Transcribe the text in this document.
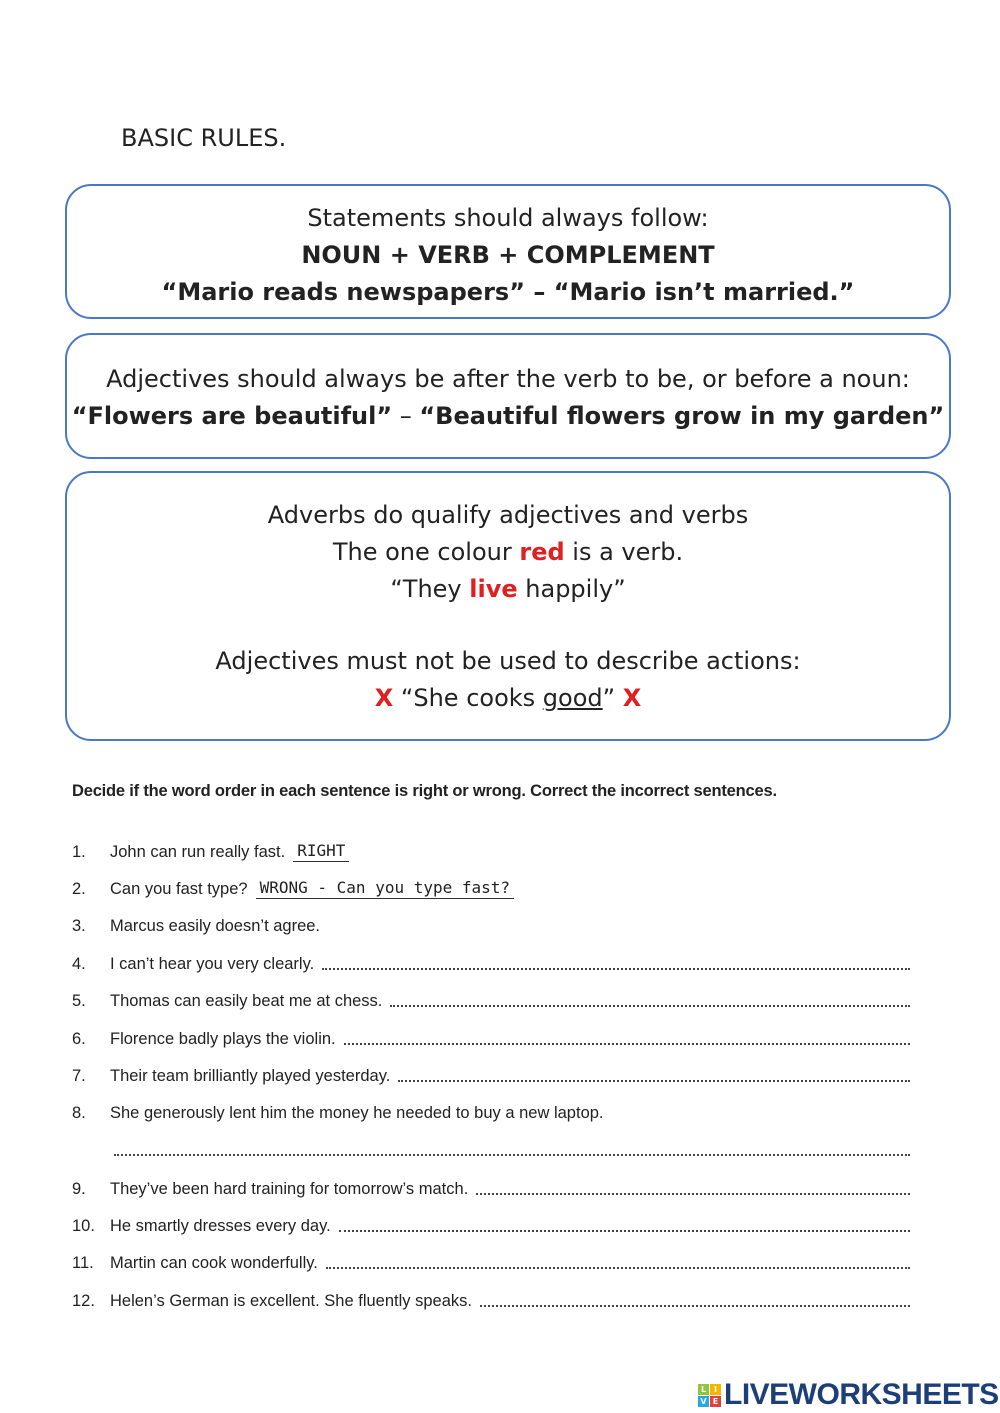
BASIC RULES.
Statements should always follow:
NOUN + VERB + COMPLEMENT
“Mario reads newspapers” – “Mario isn’t married.”
Adjectives should always be after the verb to be, or before a noun:
“Flowers are beautiful” – “Beautiful flowers grow in my garden”
Adverbs do qualify adjectives and verbs
The one colour red is a verb.
“They live happily”
Adjectives must not be used to describe actions:
X “She cooks good” X
Decide if the word order in each sentence is right or wrong. Correct the incorrect sentences.
1.	John can run really fast. RIGHT
2.	Can you fast type? WRONG - Can you type fast?
3.	Marcus easily doesn’t agree.
4.	I can’t hear you very clearly.
5.	Thomas can easily beat me at chess.
6.	Florence badly plays the violin.
7.	Their team brilliantly played yesterday.
8.	She generously lent him the money he needed to buy a new laptop.
9.	They’ve been hard training for tomorrow’s match.
10. He smartly dresses every day.
11. Martin can cook wonderfully.
12. Helen’s German is excellent. She fluently speaks.
L I
V E LIVEWORKSHEETS
